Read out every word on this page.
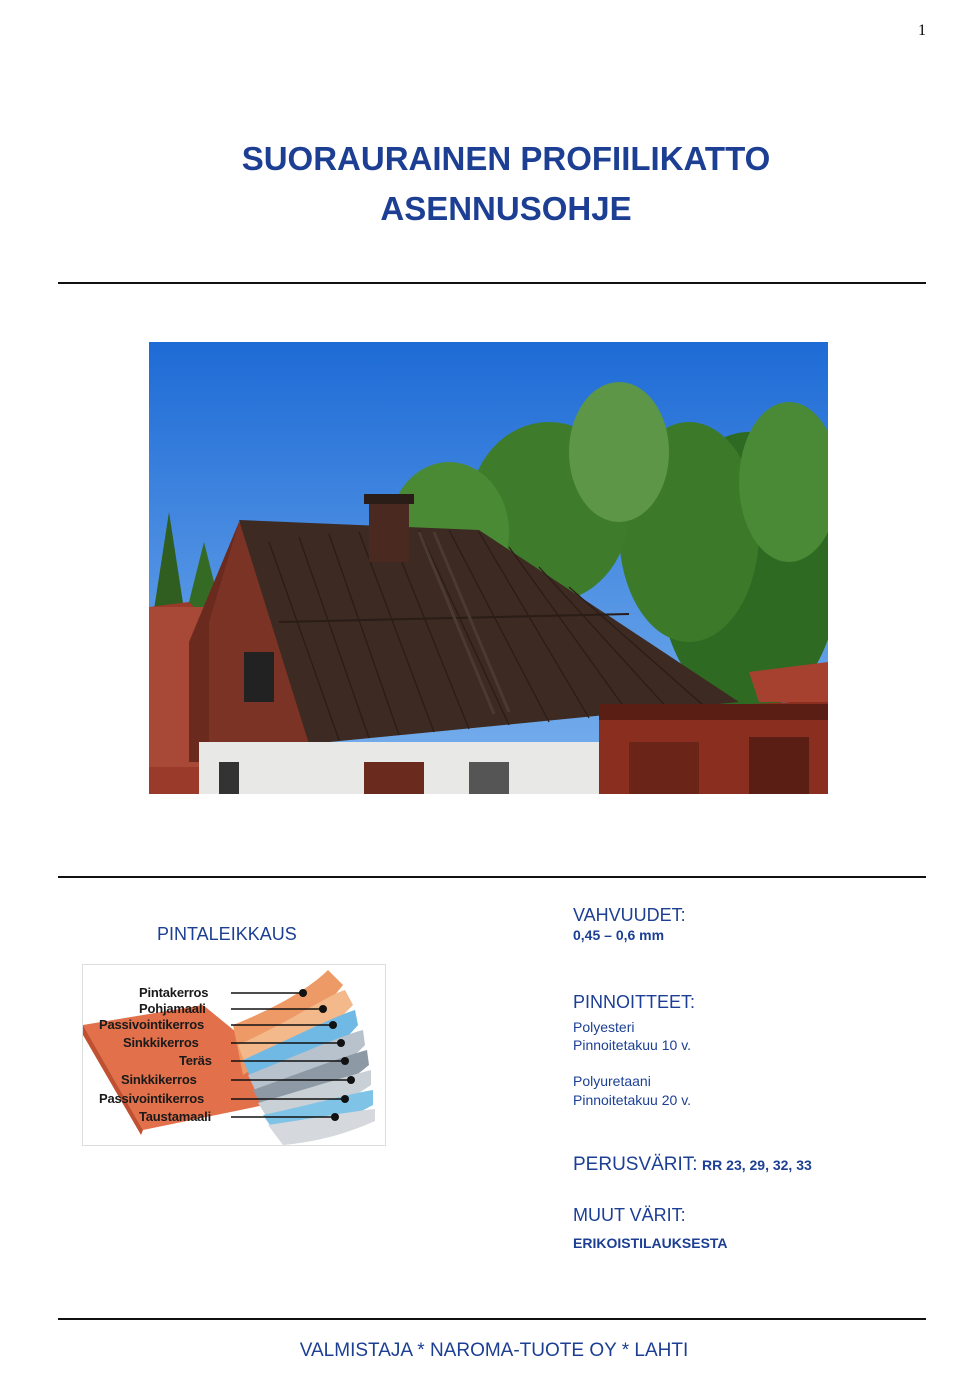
1
SUORAURAINEN PROFIILIKATTO
ASENNUSOHJE
PINTALEIKKAUS
Pintakerros
Pohjamaali
Passivointikerros
Sinkkikerros
Teräs
Sinkkikerros
Passivointikerros
Taustamaali
VAHVUUDET:
0,45 – 0,6 mm
PINNOITTEET:
Polyesteri
Pinnoitetakuu 10 v.
Polyuretaani
Pinnoitetakuu 20 v.
PERUSVÄRIT: RR 23, 29, 32, 33
MUUT VÄRIT:
ERIKOISTILAUKSESTA
VALMISTAJA * NAROMA-TUOTE OY * LAHTI
